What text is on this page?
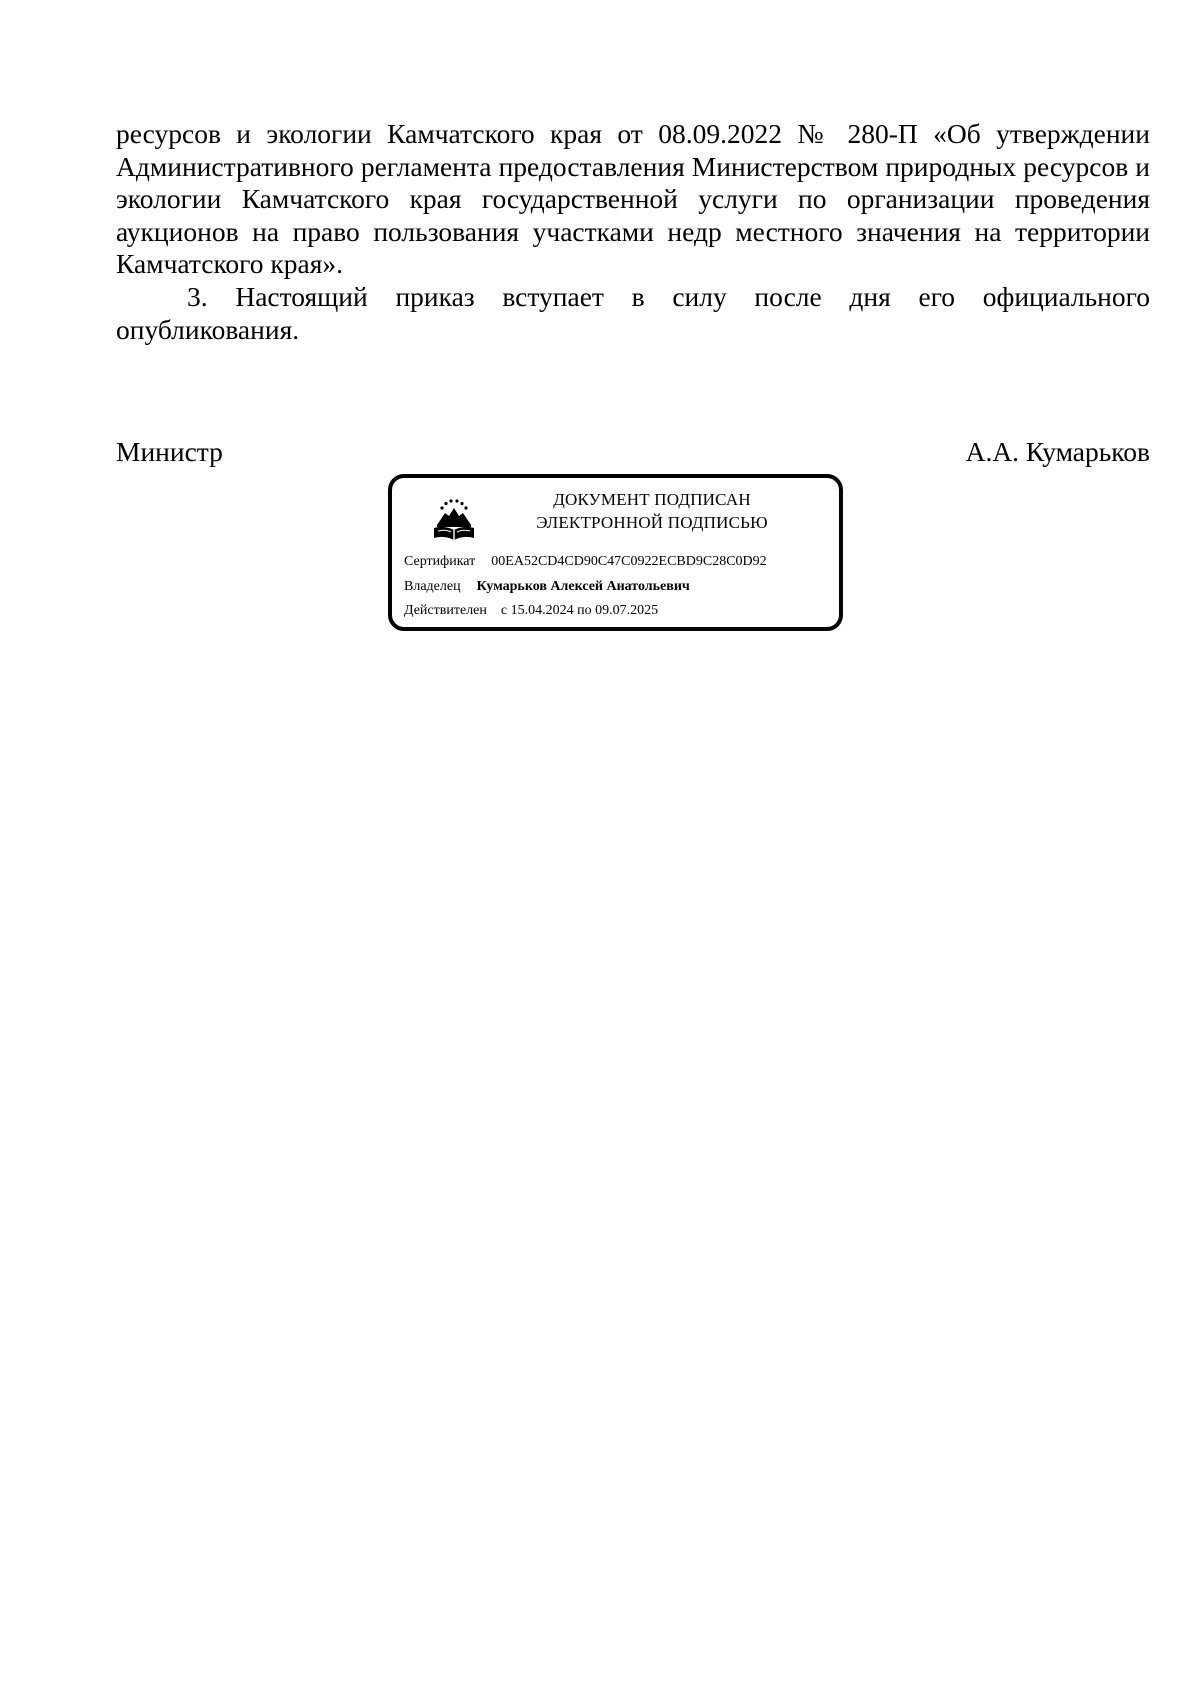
ресурсов и экологии Камчатского края от 08.09.2022 № 280-П «Об утверждении Административного регламента предоставления Министерством природных ресурсов и экологии Камчатского края государственной услуги по организации проведения аукционов на право пользования участками недр местного значения на территории Камчатского края».

3. Настоящий приказ вступает в силу после дня его официального опубликования.

Министр	А.А. Кумарьков
ДОКУМЕНТ ПОДПИСАН
ЭЛЕКТРОННОЙ ПОДПИСЬЮ
Сертификат 00EA52CD4CD90C47C0922ECBD9C28C0D92
Владелец Кумарьков Алексей Анатольевич
Действителен с 15.04.2024 по 09.07.2025
